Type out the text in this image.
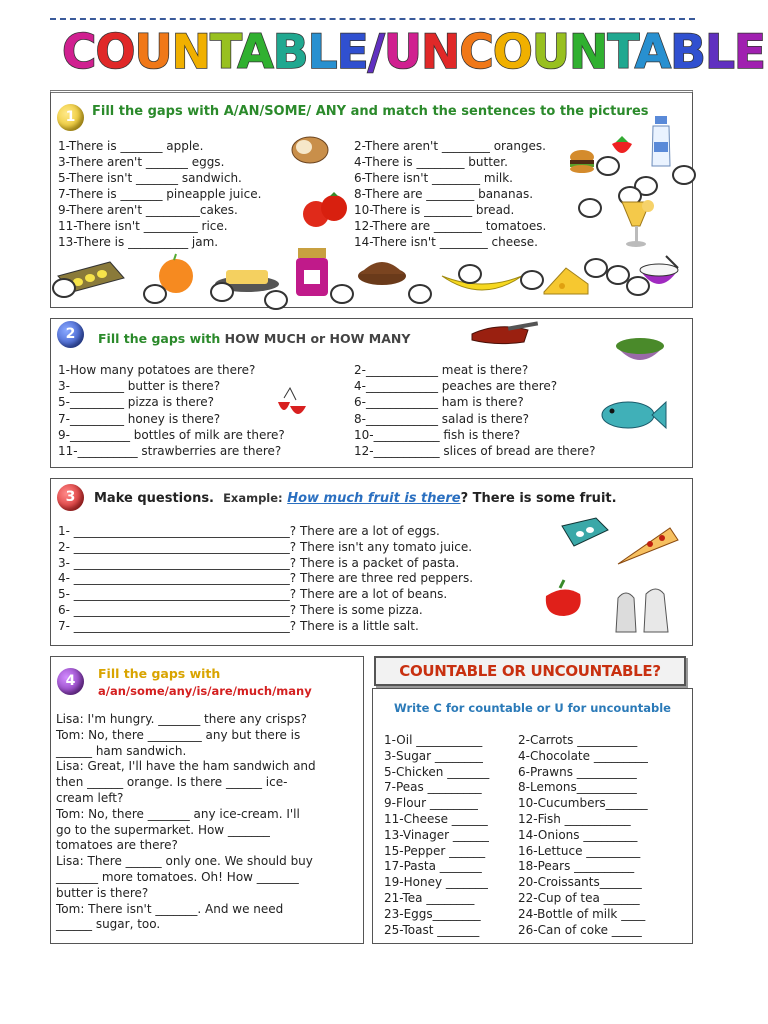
COUNTABLE/UNCOUNTABLE
1	Fill the gaps with A/AN/SOME/ ANY and match the sentences to the pictures
1-There is _______ apple.
3-There aren't _______ eggs.
5-There isn't _______ sandwich.
7-There is _______ pineapple juice.
9-There aren't _________cakes.
11-There isn't _________ rice.
13-There is __________ jam.
2-There aren't ________ oranges.
4-There is ________ butter.
6-There isn't ________ milk.
8-There are ________ bananas.
10-There is ________ bread.
12-There are ________ tomatoes.
14-There isn't ________ cheese.
2	Fill the gaps with HOW MUCH or HOW MANY
1-How many potatoes are there?
3-_________ butter is there?
5-_________ pizza is there?
7-_________ honey is there?
9-__________ bottles of milk are there?
11-__________ strawberries are there?
2-____________ meat is there?
4-____________ peaches are there?
6-____________ ham is there?
8-____________ salad is there?
10-___________ fish is there?
12-___________ slices of bread are there?
3	Make questions. Example: How much fruit is there? There is some fruit.
1- ____________________________________? There are a lot of eggs.
2- ____________________________________? There isn't any tomato juice.
3- ____________________________________? There is a packet of pasta.
4- ____________________________________? There are three red peppers.
5- ____________________________________? There are a lot of beans.
6- ____________________________________? There is some pizza.
7- ____________________________________? There is a little salt.
4	Fill the gaps with
a/an/some/any/is/are/much/many

Lisa: I'm hungry. _______ there any crisps?

Tom: No, there _________ any but there is

______ ham sandwich.

Lisa: Great, I'll have the ham sandwich and

then ______ orange. Is there ______ ice-

cream left?

Tom: No, there _______ any ice-cream. I'll

go to the supermarket. How _______

tomatoes are there?

Lisa: There ______ only one. We should buy

_______ more tomatoes. Oh! How _______

butter is there?

Tom: There isn't _______. And we need

______ sugar, too.

COUNTABLE OR UNCOUNTABLE?
Write C for countable or U for uncountable
1-Oil ___________
3-Sugar ________
5-Chicken _______
7-Peas _________
9-Flour ________
11-Cheese ______
13-Vinager ______
15-Pepper ______
17-Pasta _______
19-Honey _______
21-Tea ________
23-Eggs________
25-Toast _______
2-Carrots __________
4-Chocolate _________
6-Prawns __________
8-Lemons__________
10-Cucumbers_______
12-Fish ___________
14-Onions _________
16-Lettuce _________
18-Pears __________
20-Croissants_______
22-Cup of tea ______
24-Bottle of milk ____
26-Can of coke _____
